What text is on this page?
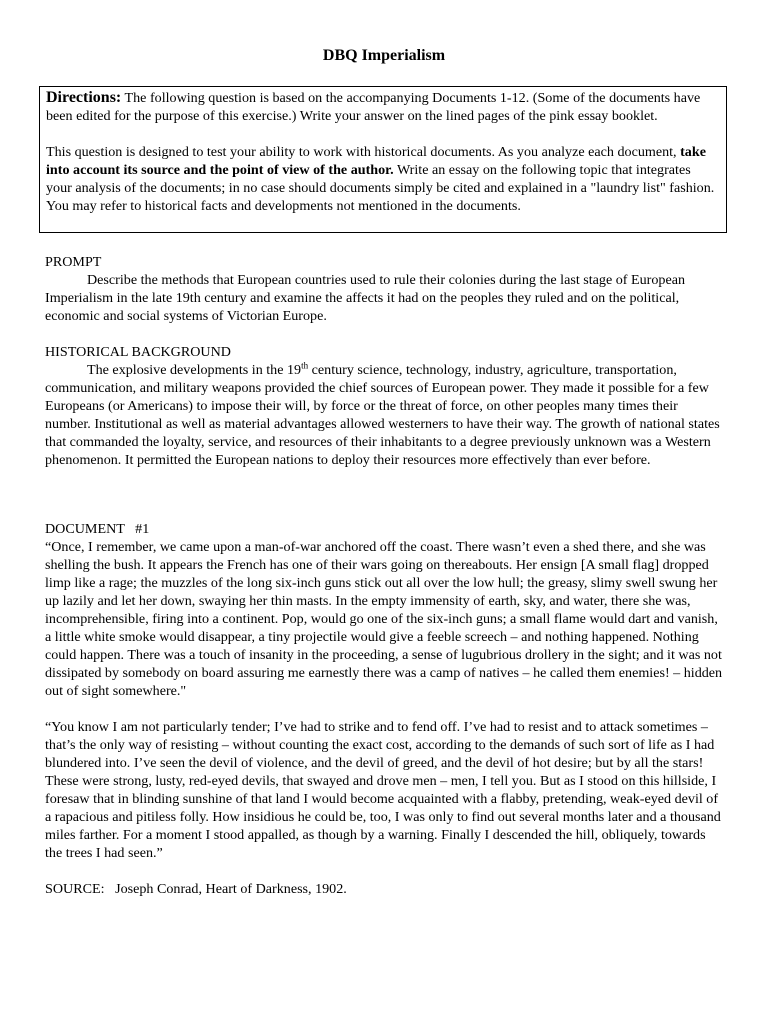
DBQ Imperialism

Directions: The following question is based on the accompanying Documents 1-12. (Some of the documents have been edited for the purpose of this exercise.) Write your answer on the lined pages of the pink essay booklet.

This question is designed to test your ability to work with historical documents. As you analyze each document, take into account its source and the point of view of the author. Write an essay on the following topic that integrates your analysis of the documents; in no case should documents simply be cited and explained in a "laundry list" fashion. You may refer to historical facts and developments not mentioned in the documents.

PROMPT

Describe the methods that European countries used to rule their colonies during the last stage of European Imperialism in the late 19th century and examine the affects it had on the peoples they ruled and on the political, economic and social systems of Victorian Europe.

HISTORICAL BACKGROUND

The explosive developments in the 19th century science, technology, industry, agriculture, transportation, communication, and military weapons provided the chief sources of European power. They made it possible for a few Europeans (or Americans) to impose their will, by force or the threat of force, on other peoples many times their number. Institutional as well as material advantages allowed westerners to have their way. The growth of national states that commanded the loyalty, service, and resources of their inhabitants to a degree previously unknown was a Western phenomenon. It permitted the European nations to deploy their resources more effectively than ever before.

DOCUMENT   #1

“Once, I remember, we came upon a man-of-war anchored off the coast. There wasn’t even a shed there, and she was shelling the bush. It appears the French has one of their wars going on thereabouts. Her ensign [A small flag] dropped limp like a rage; the muzzles of the long six-inch guns stick out all over the low hull; the greasy, slimy swell swung her up lazily and let her down, swaying her thin masts. In the empty immensity of earth, sky, and water, there she was, incomprehensible, firing into a continent. Pop, would go one of the six-inch guns; a small flame would dart and vanish, a little white smoke would disappear, a tiny projectile would give a feeble screech – and nothing happened. Nothing could happen. There was a touch of insanity in the proceeding, a sense of lugubrious drollery in the sight; and it was not dissipated by somebody on board assuring me earnestly there was a camp of natives – he called them enemies! – hidden out of sight somewhere."

“You know I am not particularly tender; I’ve had to strike and to fend off. I’ve had to resist and to attack sometimes – that’s the only way of resisting – without counting the exact cost, according to the demands of such sort of life as I had blundered into. I’ve seen the devil of violence, and the devil of greed, and the devil of hot desire; but by all the stars! These were strong, lusty, red-eyed devils, that swayed and drove men – men, I tell you. But as I stood on this hillside, I foresaw that in blinding sunshine of that land I would become acquainted with a flabby, pretending, weak-eyed devil of a rapacious and pitiless folly. How insidious he could be, too, I was only to find out several months later and a thousand miles farther. For a moment I stood appalled, as though by a warning. Finally I descended the hill, obliquely, towards the trees I had seen.”

SOURCE:   Joseph Conrad, Heart of Darkness, 1902.
